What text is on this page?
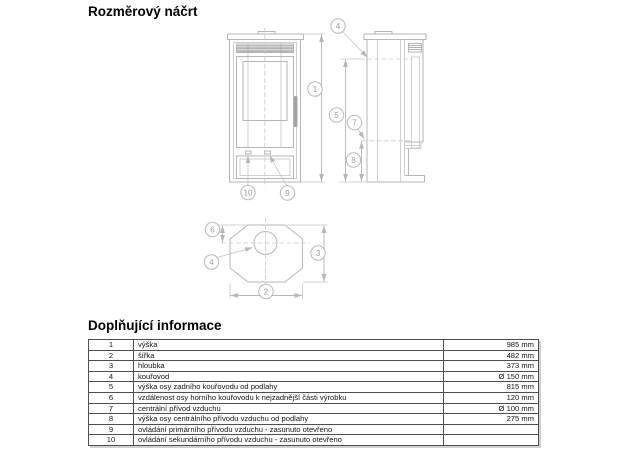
Rozměrový náčrt
1
4
5
7
8
10	9
6
4
3
2
Doplňující informace
1	výška	985 mm
2	šířka	482 mm
3	hloubka	373 mm
4	kouřovod	Ø 150 mm
5	výška osy zadního kouřovodu od podlahy	815 mm
6	vzdálenost osy horního kouřovodu k nejzadnější části výrobku	120 mm
7	centrální přívod vzduchu	Ø 100 mm
8	výška osy centrálního přívodu vzduchu od podlahy	275 mm
9	ovládání primárního přívodu vzduchu - zasunuto otevřeno	
10	ovládání sekundárního přívodu vzduchu - zasunuto otevřeno	
